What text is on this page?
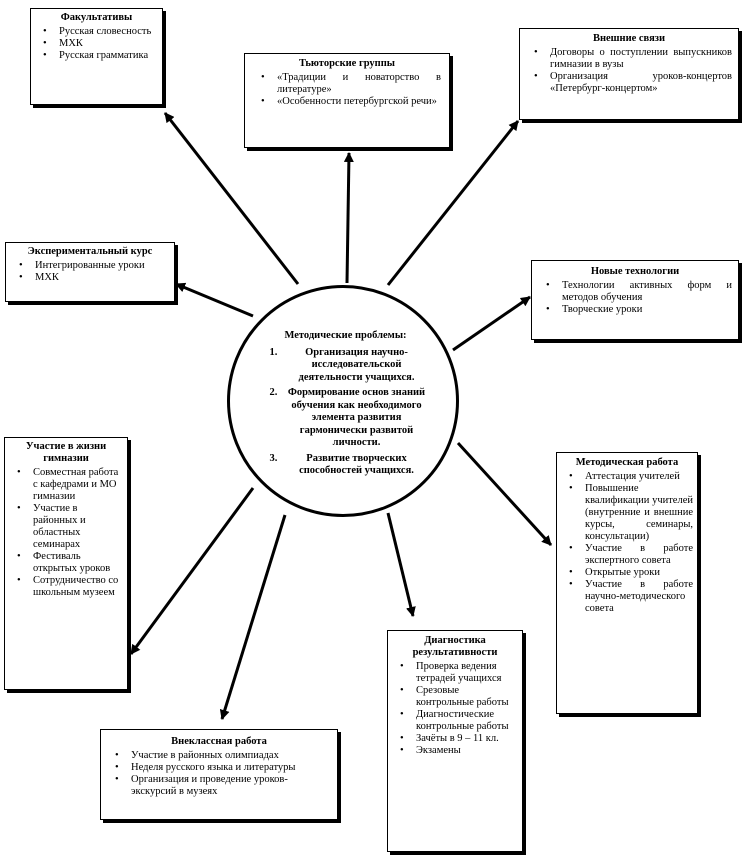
Методические проблемы:
1. Организация научно-исследовательской деятельности учащихся.
2. Формирование основ знаний обучения как необходимого элемента развития гармоничеcки развитой личности.
3. Развитие творческих способностей учащихся.
Факультативы
• Русская словесность
• МХК
• Русская грамматика
Тьюторские группы
• «Традиции и новаторство в литературе»
• «Особенности петербургской речи»
Внешние связи
• Договоры о поступлении выпускников гимназии в вузы
• Организация уроков-концертов «Петербург-концертом»
Экспериментальный курс
• Интегрированные уроки
• МХК
Новые технологии
• Технологии активных форм и методов обучения
• Творческие уроки
Участие в жизни гимназии
• Совместная работа с кафедрами и МО гимназии
• Участие в районных и областных семинарах
• Фестиваль открытых уроков
• Сотрудничество со школьным музеем
Методическая работа
• Аттестация учителей
• Повышение квалификации учителей (внутренние и внешние курсы, семинары, консультации)
• Участие в работе экспертного совета
• Открытые уроки
• Участие в работе научно-методического совета
Диагностика результативности
• Проверка ведения тетрадей учащихся
• Срезовые контрольные работы
• Диагностические контрольные работы
• Зачёты в 9 – 11 кл.
• Экзамены
Внеклассная работа
• Участие в районных олимпиадах
• Неделя русского языка и литературы
• Организация и проведение уроков-экскурсий в музеях
